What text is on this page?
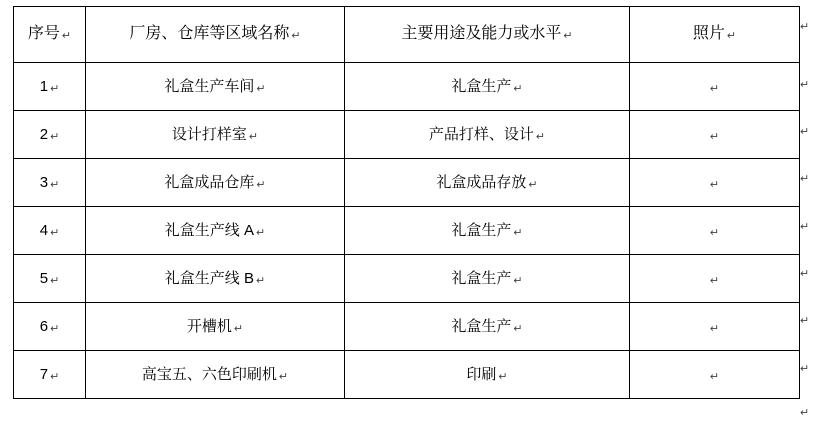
序号 ↵	厂房、仓库等区域名称 ↵	主要用途及能力或水平 ↵	照片 ↵
1 ↵	礼盒生产车间 ↵	礼盒生产 ↵	↵
2 ↵	设计打样室 ↵	产品打样、设计 ↵	↵
3 ↵	礼盒成品仓库 ↵	礼盒成品存放 ↵	↵
4 ↵	礼盒生产线 A ↵	礼盒生产 ↵	↵
5 ↵	礼盒生产线 B ↵	礼盒生产 ↵	↵
6 ↵	开槽机 ↵	礼盒生产 ↵	↵
7 ↵	高宝五、六色印刷机 ↵	印刷 ↵	↵
↵
↵
↵
↵
↵
↵
↵
↵
↵
